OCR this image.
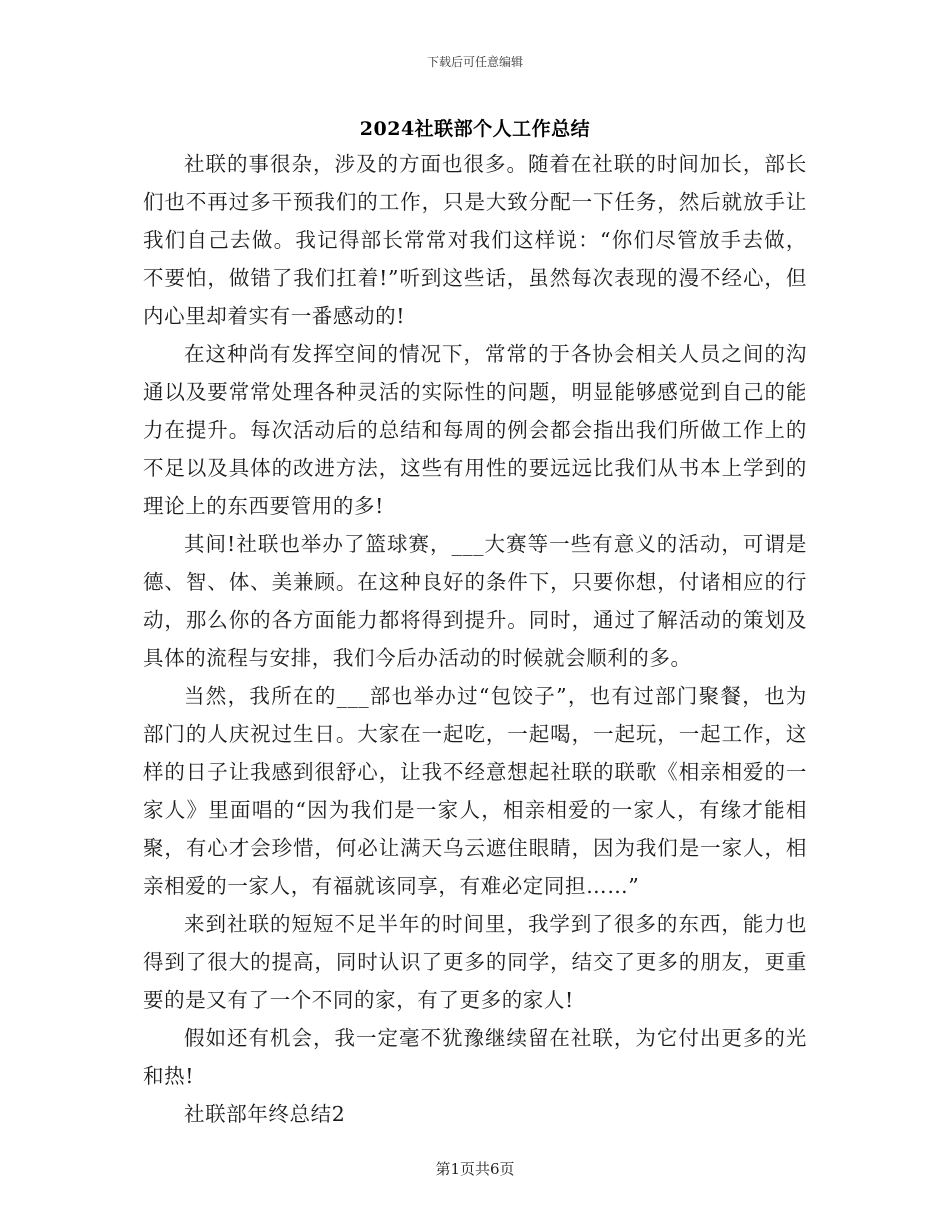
下载后可任意编辑
2024社联部个人工作总结

社联的事很杂，涉及的方面也很多。随着在社联的时间加长，部长们也不再过多干预我们的工作，只是大致分配一下任务，然后就放手让我们自己去做。我记得部长常常对我们这样说：“你们尽管放手去做，不要怕，做错了我们扛着!”听到这些话，虽然每次表现的漫不经心，但内心里却着实有一番感动的!

在这种尚有发挥空间的情况下，常常的于各协会相关人员之间的沟通以及要常常处理各种灵活的实际性的问题，明显能够感觉到自己的能力在提升。每次活动后的总结和每周的例会都会指出我们所做工作上的不足以及具体的改进方法，这些有用性的要远远比我们从书本上学到的理论上的东西要管用的多!

其间!社联也举办了篮球赛，___大赛等一些有意义的活动，可谓是德、智、体、美兼顾。在这种良好的条件下，只要你想，付诸相应的行动，那么你的各方面能力都将得到提升。同时，通过了解活动的策划及具体的流程与安排，我们今后办活动的时候就会顺利的多。

当然，我所在的___部也举办过“包饺子”，也有过部门聚餐，也为部门的人庆祝过生日。大家在一起吃，一起喝，一起玩，一起工作，这样的日子让我感到很舒心，让我不经意想起社联的联歌《相亲相爱的一家人》里面唱的“因为我们是一家人，相亲相爱的一家人，有缘才能相聚，有心才会珍惜，何必让满天乌云遮住眼睛，因为我们是一家人，相亲相爱的一家人，有福就该同享，有难必定同担……”

来到社联的短短不足半年的时间里，我学到了很多的东西，能力也得到了很大的提高，同时认识了更多的同学，结交了更多的朋友，更重要的是又有了一个不同的家，有了更多的家人!

假如还有机会，我一定毫不犹豫继续留在社联，为它付出更多的光和热!

社联部年终总结2

第1页共6页
